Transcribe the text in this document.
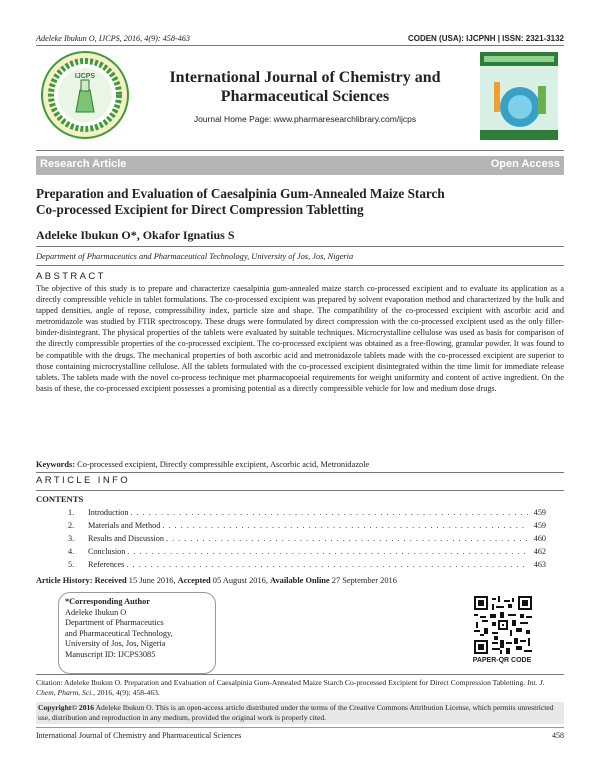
Adeleke Ibukun O, IJCPS, 2016, 4(9): 458-463	CODEN (USA): IJCPNH | ISSN: 2321-3132
IJCPS	International Journal of Chemistry and
Pharmaceutical Sciences
Journal Home Page: www.pharmaresearchlibrary.com/ijcps
Research Article	Open Access
Preparation and Evaluation of Caesalpinia Gum-Annealed Maize Starch
Co-processed Excipient for Direct Compression Tabletting
Adeleke Ibukun O*, Okafor Ignatius S
Department of Pharmaceutics and Pharmaceutical Technology, University of Jos, Jos, Nigeria
ABSTRACT
The objective of this study is to prepare and characterize caesalpinia gum-annealed maize starch co-processed excipient and to evaluate its application as a directly compressible vehicle in tablet formulations. The co-processed excipient was prepared by solvent evaporation method and characterized by the bulk and tapped densities, angle of repose, compressibility index, particle size and shape. The compatibility of the co-processed excipient with ascorbic acid and metronidazole was studied by FTIR spectroscopy. These drugs were formulated by direct compression with the co-processed excipient used as the only filler-binder-disintegrant. The physical properties of the tablets were evaluated by suitable techniques. Microcrystalline cellulose was used as basis for comparison of the directly compressible properties of the co-processed excipient. The co-processed excipient was obtained as a free-flowing, granular powder. It was found to be compatible with the drugs. The mechanical properties of both ascorbic acid and metronidazole tablets made with the co-processed excipient are superior to those containing microcrystalline cellulose. All the tablets formulated with the co-processed excipient disintegrated within the time limit for immediate release tablets. The tablets made with the novel co-process technique met pharmacopoeial requirements for weight uniformity and content of active ingredient. On the basis of these, the co-processed excipient possesses a promising potential as a directly compressible vehicle for low and medium dose drugs.
Keywords: Co-processed excipient, Directly compressible excipient, Ascorbic acid, Metronidazole
ARTICLE INFO
CONTENTS
1.	Introduction . . .	459
2.	Materials and Method . . .	459
3.	Results and Discussion . . .	460
4.	Conclusion . . .	462
5.	References . . .	463
Article History: Received 15 June 2016, Accepted 05 August 2016, Available Online 27 September 2016
*Corresponding Author
Adeleke Ibukun O
Department of Pharmaceutics
and Pharmaceutical Technology,
University of Jos, Jos, Nigeria
Manuscript ID: IJCPS3085
PAPER-QR CODE
Citation: Adeleke Ibukun O. Preparation and Evaluation of Caesalpinia Gum-Annealed Maize Starch Co-processed Excipient for Direct Compression Tabletting. Int. J. Chem, Pharm, Sci., 2016, 4(9): 458-463.
Copyright© 2016 Adeleke Ibukun O. This is an open-access article distributed under the terms of the Creative Commons Attribution License, which permits unrestricted use, distribution and reproduction in any medium, provided the original work is properly cited.
International Journal of Chemistry and Pharmaceutical Sciences	458
